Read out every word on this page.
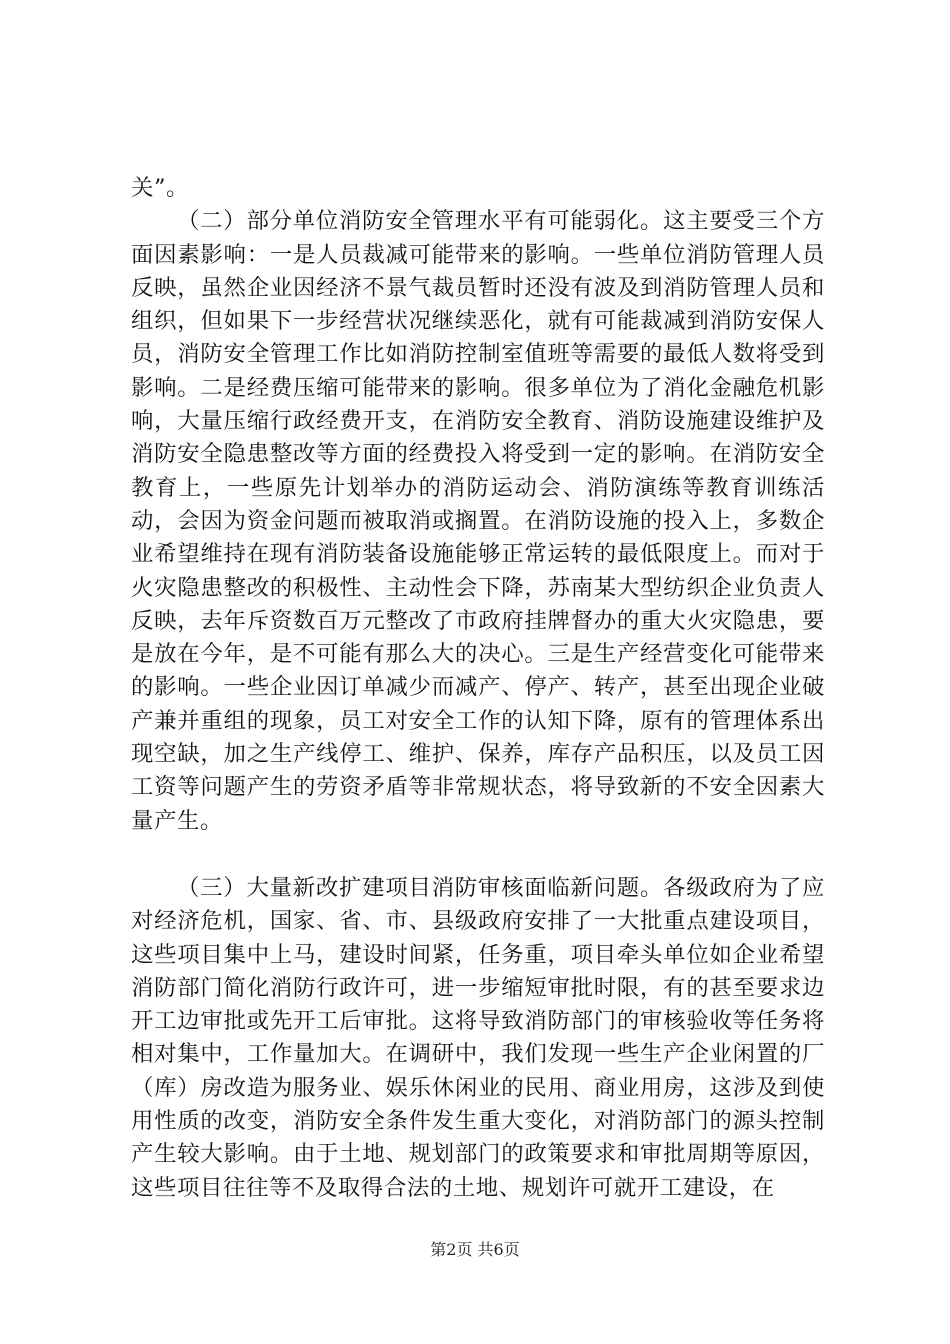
关”。

（二）部分单位消防安全管理水平有可能弱化。这主要受三个方面因素影响：一是人员裁减可能带来的影响。一些单位消防管理人员反映，虽然企业因经济不景气裁员暂时还没有波及到消防管理人员和组织，但如果下一步经营状况继续恶化，就有可能裁减到消防安保人员，消防安全管理工作比如消防控制室值班等需要的最低人数将受到影响。二是经费压缩可能带来的影响。很多单位为了消化金融危机影响，大量压缩行政经费开支，在消防安全教育、消防设施建设维护及消防安全隐患整改等方面的经费投入将受到一定的影响。在消防安全教育上，一些原先计划举办的消防运动会、消防演练等教育训练活动，会因为资金问题而被取消或搁置。在消防设施的投入上，多数企业希望维持在现有消防装备设施能够正常运转的最低限度上。而对于火灾隐患整改的积极性、主动性会下降，苏南某大型纺织企业负责人反映，去年斥资数百万元整改了市政府挂牌督办的重大火灾隐患，要是放在今年，是不可能有那么大的决心。三是生产经营变化可能带来的影响。一些企业因订单减少而减产、停产、转产，甚至出现企业破产兼并重组的现象，员工对安全工作的认知下降，原有的管理体系出现空缺，加之生产线停工、维护、保养，库存产品积压，以及员工因工资等问题产生的劳资矛盾等非常规状态，将导致新的不安全因素大量产生。

（三）大量新改扩建项目消防审核面临新问题。各级政府为了应对经济危机，国家、省、市、县级政府安排了一大批重点建设项目，这些项目集中上马，建设时间紧，任务重，项目牵头单位如企业希望消防部门简化消防行政许可，进一步缩短审批时限，有的甚至要求边开工边审批或先开工后审批。这将导致消防部门的审核验收等任务将相对集中，工作量加大。在调研中，我们发现一些生产企业闲置的厂（库）房改造为服务业、娱乐休闲业的民用、商业用房，这涉及到使用性质的改变，消防安全条件发生重大变化，对消防部门的源头控制产生较大影响。由于土地、规划部门的政策要求和审批周期等原因，这些项目往往等不及取得合法的土地、规划许可就开工建设，在

第2页 共6页
